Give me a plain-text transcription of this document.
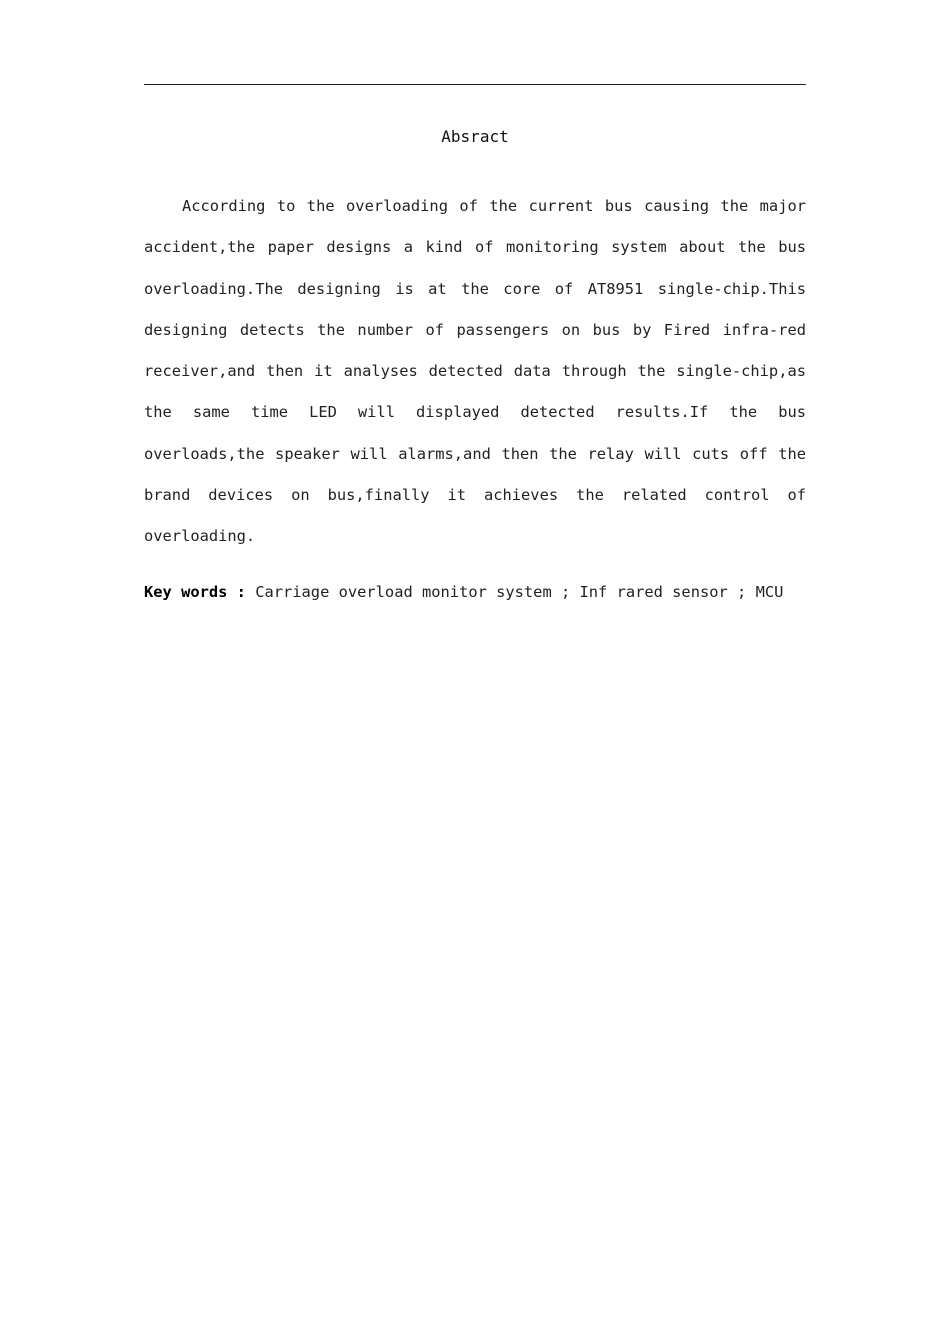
Absract

According to the overloading of the current bus causing the major accident,the paper designs a kind of monitoring system about the bus overloading.The designing is at the core of AT8951 single-chip.This designing detects the number of passengers on bus by Fired infra-red receiver,and then it analyses detected data through the single-chip,as the same time LED will displayed detected results.If the bus overloads,the speaker will alarms,and then the relay will cuts off the brand devices on bus,finally it achieves the related control of overloading.

Key words : Carriage overload monitor system ; Inf rared sensor ; MCU
